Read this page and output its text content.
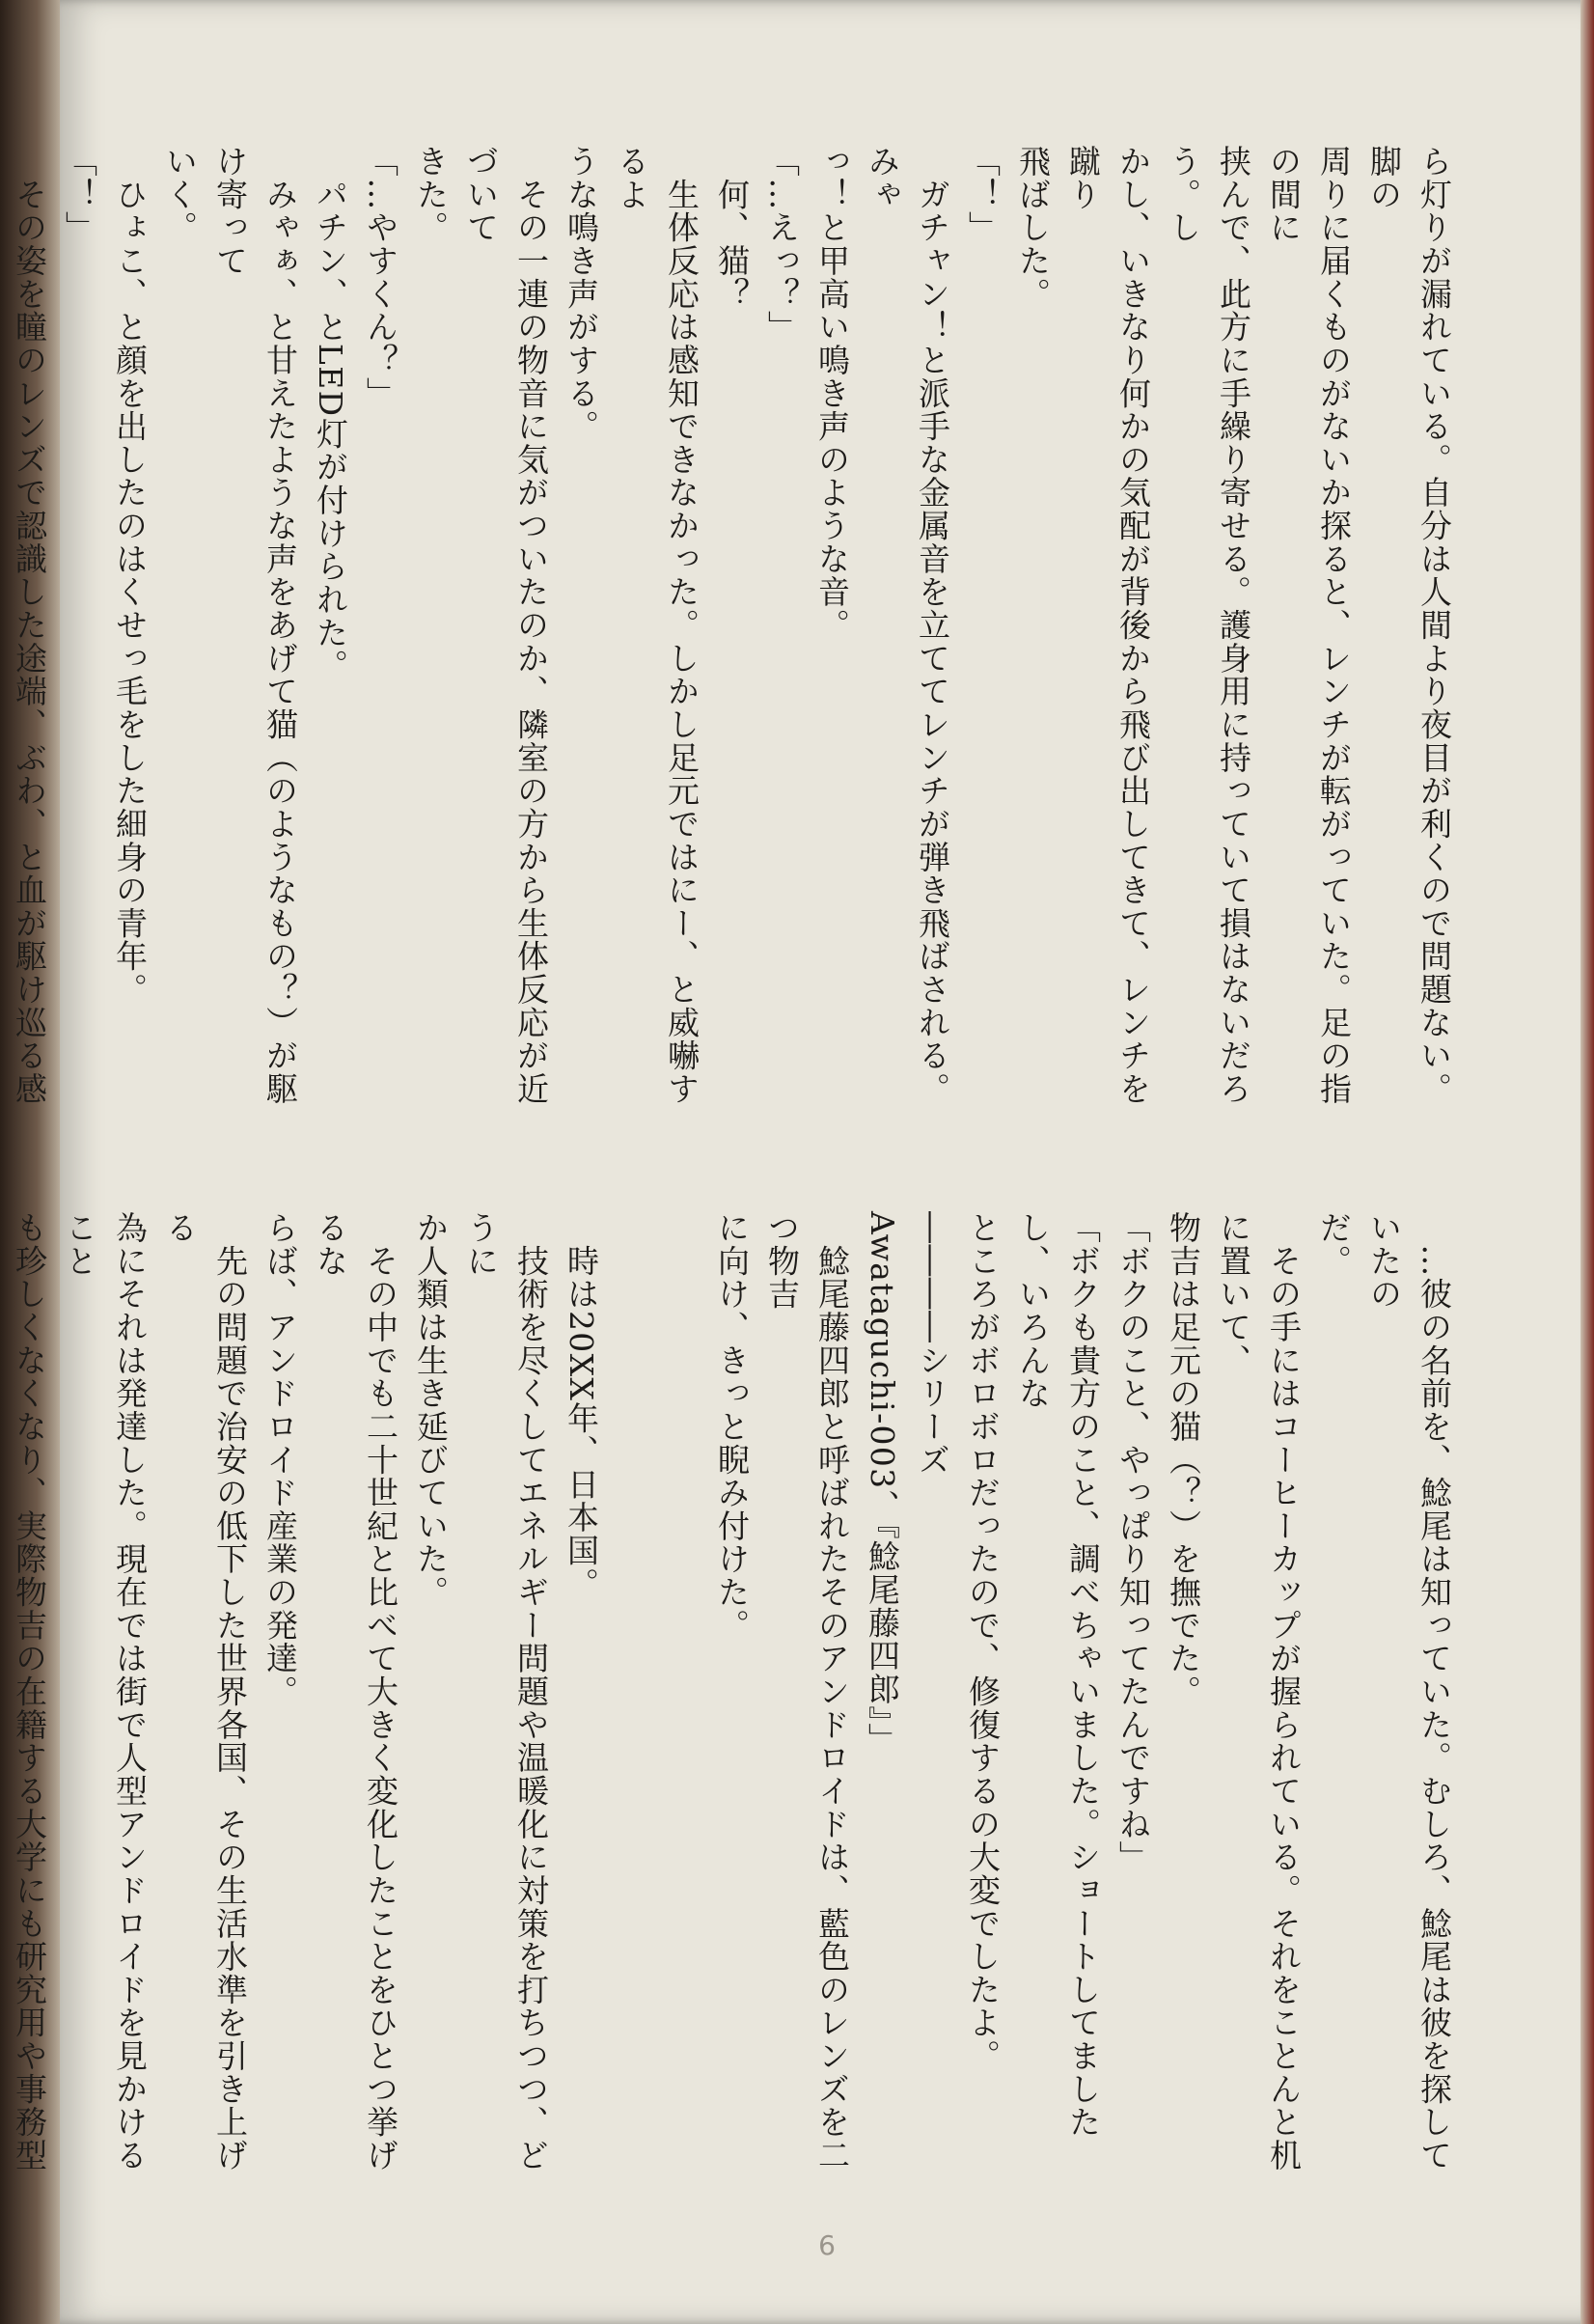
ら灯りが漏れている。自分は人間より夜目が利くので問題ない。脚の

周りに届くものがないか探ると、レンチが転がっていた。足の指の間に

挟んで、此方に手繰り寄せる。護身用に持っていて損はないだろう。し

かし、いきなり何かの気配が背後から飛び出してきて、レンチを蹴り

飛ばした。

「！」

　ガチャン！と派手な金属音を立ててレンチが弾き飛ばされる。みゃ

っ！と甲高い鳴き声のような音。

「…えっ？」

　何、猫？

　生体反応は感知できなかった。しかし足元ではにー、と威嚇するよ

うな鳴き声がする。

　その一連の物音に気がついたのか、隣室の方から生体反応が近づいて

きた。

「…やすくん？」

　パチン、とLED灯が付けられた。

　みゃぁ、と甘えたような声をあげて猫（のようなもの？）が駆け寄って

いく。

　ひょこ、と顔を出したのはくせっ毛をした細身の青年。

「！」

　その姿を瞳のレンズで認識した途端、ぶわ、と血が駆け巡る感

　…彼の名前を、鯰尾は知っていた。むしろ、鯰尾は彼を探していたの

だ。

　その手にはコーヒーカップが握られている。それをことんと机に置いて、

物吉は足元の猫（？）を撫でた。

「ボクのこと、やっぱり知ってたんですね」

「ボクも貴方のこと、調べちゃいました。ショートしてましたし、いろんな

ところがボロボロだったので、修復するの大変でしたよ。――――シリーズ

Awataguchi-003、『鯰尾藤四郎』」

　鯰尾藤四郎と呼ばれたそのアンドロイドは、藍色のレンズを二つ物吉

に向け、きっと睨み付けた。

　時は20XX年、日本国。

　技術を尽くしてエネルギー問題や温暖化に対策を打ちつつ、どうに

か人類は生き延びていた。

　その中でも二十世紀と比べて大きく変化したことをひとつ挙げるな

らば、アンドロイド産業の発達。

　先の問題で治安の低下した世界各国、その生活水準を引き上げる

為にそれは発達した。現在では街で人型アンドロイドを見かけること

も珍しくなくなり、実際物吉の在籍する大学にも研究用や事務型

6
